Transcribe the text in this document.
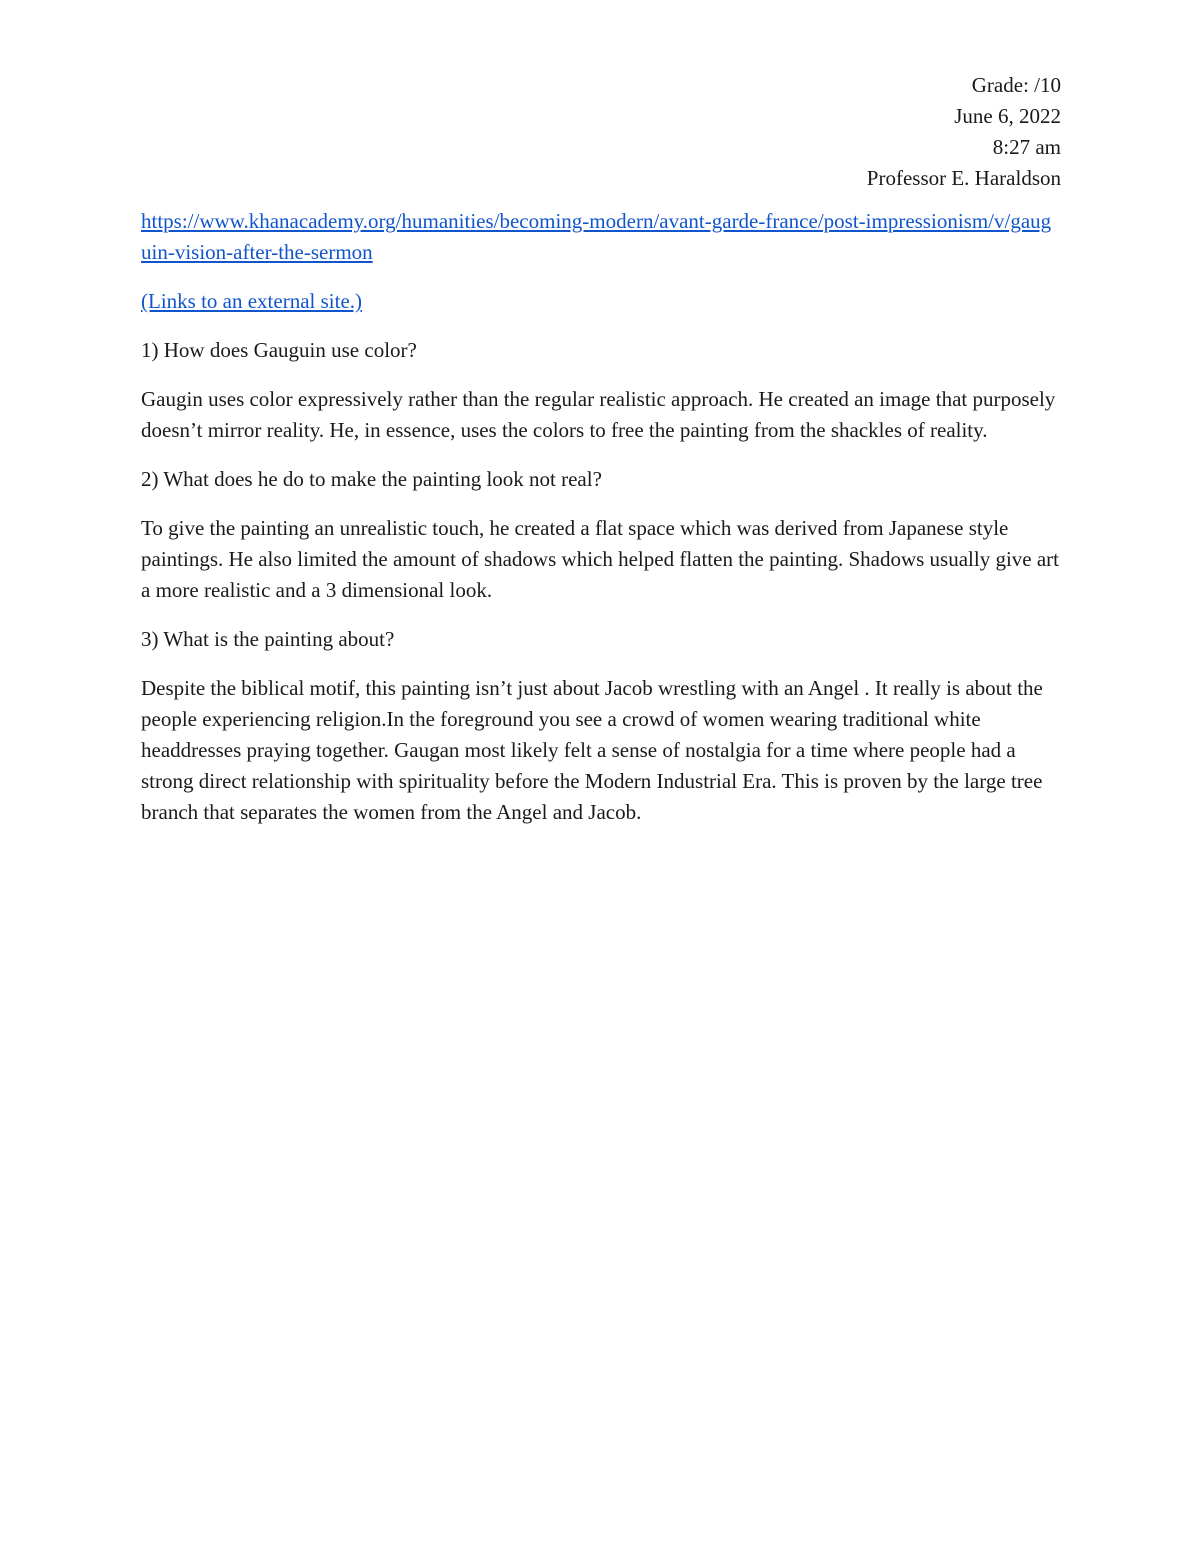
Grade: /10
June 6, 2022
8:27 am
Professor E. Haraldson
https://www.khanacademy.org/humanities/becoming-modern/avant-garde-france/post-impressionism/v/gauguin-vision-after-the-sermon
(Links to an external site.)

1) How does Gauguin use color?

Gaugin uses color expressively rather than the regular realistic approach. He created an image that purposely doesn’t mirror reality. He, in essence, uses the colors to free the painting from the shackles of reality.

2) What does he do to make the painting look not real?

To give the painting an unrealistic touch, he created a flat space which was derived from Japanese style paintings. He also limited the amount of shadows which helped flatten the painting. Shadows usually give art a more realistic and a 3 dimensional look.

3) What is the painting about?

Despite the biblical motif, this painting isn’t just about Jacob wrestling with an Angel . It really is about the people experiencing religion.In the foreground you see a crowd of women wearing traditional white headdresses praying together. Gaugan most likely felt a sense of nostalgia for a time where people had a strong direct relationship with spirituality before the Modern Industrial Era. This is proven by the large tree branch that separates the women from the Angel and Jacob.
